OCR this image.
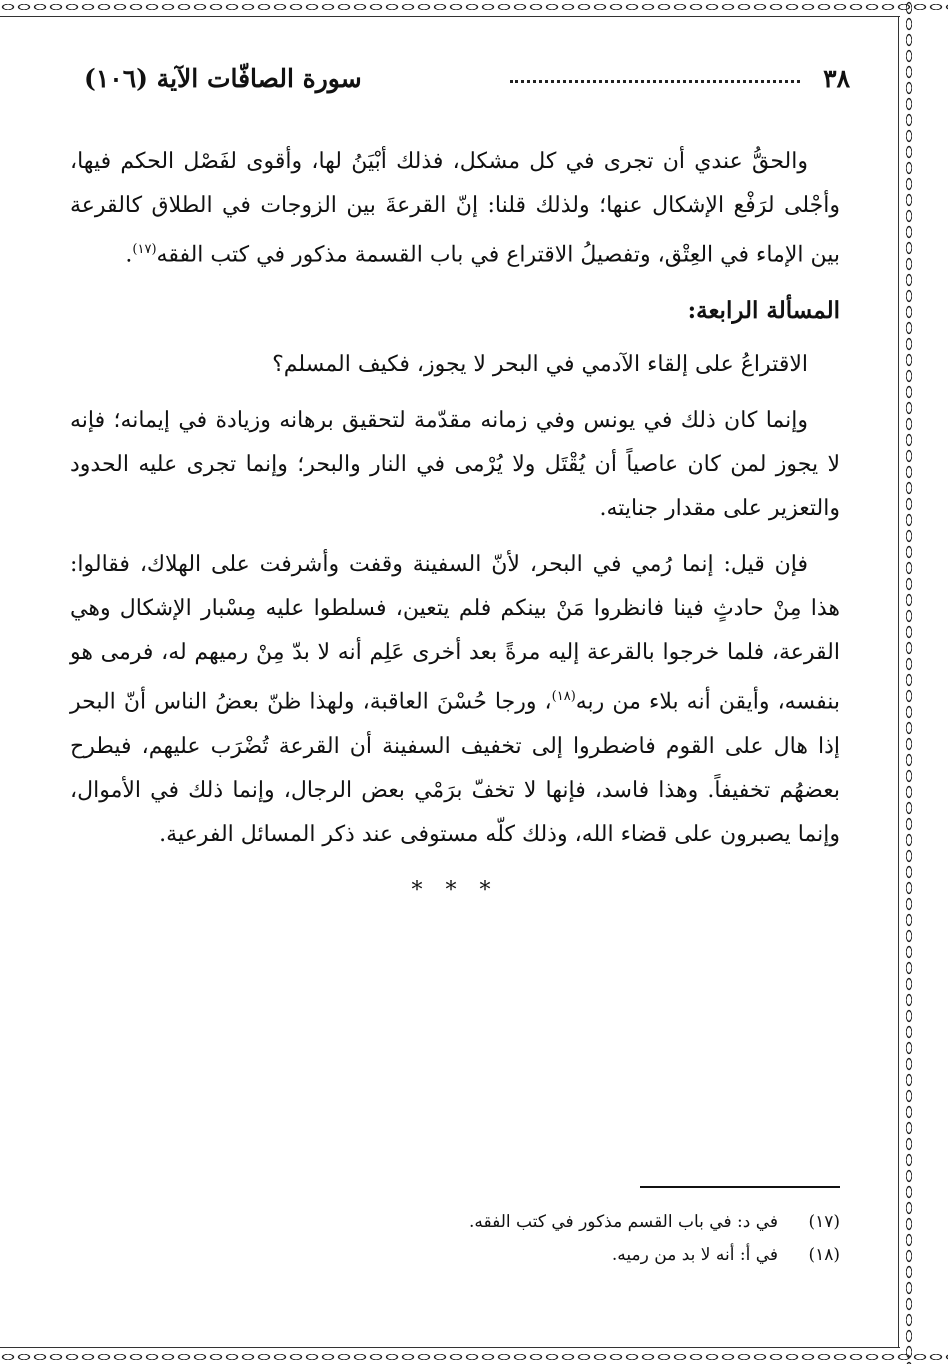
٣٨
سورة الصافّات الآية (١٠٦)

والحقُّ عندي أن تجرى في كل مشكل، فذلك أبْيَنُ لها، وأقوى لفَصْل الحكم فيها، وأجْلى لرَفْع الإشكال عنها؛ ولذلك قلنا: إنّ القرعةَ بين الزوجات في الطلاق كالقرعة بين الإماء في العِتْق، وتفصيلُ الاقتراع في باب القسمة مذكور في كتب الفقه$^{(١٧)}$.

المسألة الرابعة:

الاقتراعُ على إلقاء الآدمي في البحر لا يجوز، فكيف المسلم؟

وإنما كان ذلك في يونس وفي زمانه مقدّمة لتحقيق برهانه وزيادة في إيمانه؛ فإنه لا يجوز لمن كان عاصياً أن يُقْتَل ولا يُرْمى في النار والبحر؛ وإنما تجرى عليه الحدود والتعزير على مقدار جنايته.

فإن قيل: إنما رُمي في البحر، لأنّ السفينة وقفت وأشرفت على الهلاك، فقالوا: هذا مِنْ حادثٍ فينا فانظروا مَنْ بينكم فلم يتعين، فسلطوا عليه مِسْبار الإشكال وهي القرعة، فلما خرجوا بالقرعة إليه مرةً بعد أخرى عَلِم أنه لا بدّ مِنْ رميهم له، فرمى هو بنفسه، وأيقن أنه بلاء من ربه$^{(١٨)}$، ورجا حُسْنَ العاقبة، ولهذا ظنّ بعضُ الناس أنّ البحر إذا هال على القوم فاضطروا إلى تخفيف السفينة أن القرعة تُضْرَب عليهم، فيطرح بعضهُم تخفيفاً. وهذا فاسد، فإنها لا تخفّ برَمْي بعض الرجال، وإنما ذلك في الأموال، وإنما يصبرون على قضاء الله، وذلك كلّه مستوفى عند ذكر المسائل الفرعية.

* * *
(١٧)
في د: في باب القسم مذكور في كتب الفقه.
(١٨)
في أ: أنه لا بد من رميه.
